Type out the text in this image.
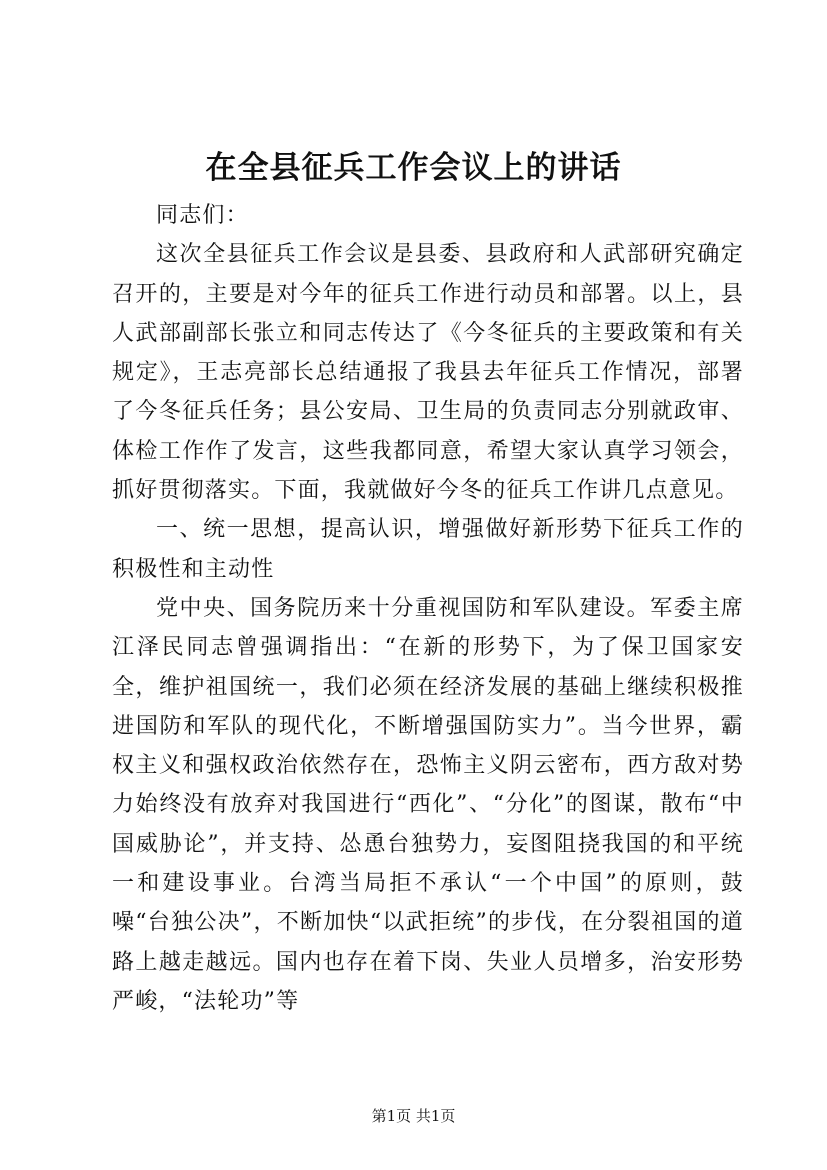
在全县征兵工作会议上的讲话

同志们：

这次全县征兵工作会议是县委、县政府和人武部研究确定召开的，主要是对今年的征兵工作进行动员和部署。以上，县人武部副部长张立和同志传达了《今冬征兵的主要政策和有关规定》，王志亮部长总结通报了我县去年征兵工作情况，部署了今冬征兵任务；县公安局、卫生局的负责同志分别就政审、体检工作作了发言，这些我都同意，希望大家认真学习领会，抓好贯彻落实。下面，我就做好今冬的征兵工作讲几点意见。

一、统一思想，提高认识，增强做好新形势下征兵工作的积极性和主动性

党中央、国务院历来十分重视国防和军队建设。军委主席江泽民同志曾强调指出：“在新的形势下，为了保卫国家安全，维护祖国统一，我们必须在经济发展的基础上继续积极推进国防和军队的现代化，不断增强国防实力”。当今世界，霸权主义和强权政治依然存在，恐怖主义阴云密布，西方敌对势力始终没有放弃对我国进行“西化”、“分化”的图谋，散布“中国威胁论”，并支持、怂恿台独势力，妄图阻挠我国的和平统一和建设事业。台湾当局拒不承认“一个中国”的原则，鼓噪“台独公决”，不断加快“以武拒统”的步伐，在分裂祖国的道路上越走越远。国内也存在着下岗、失业人员增多，治安形势严峻，“法轮功”等

第1页 共1页
